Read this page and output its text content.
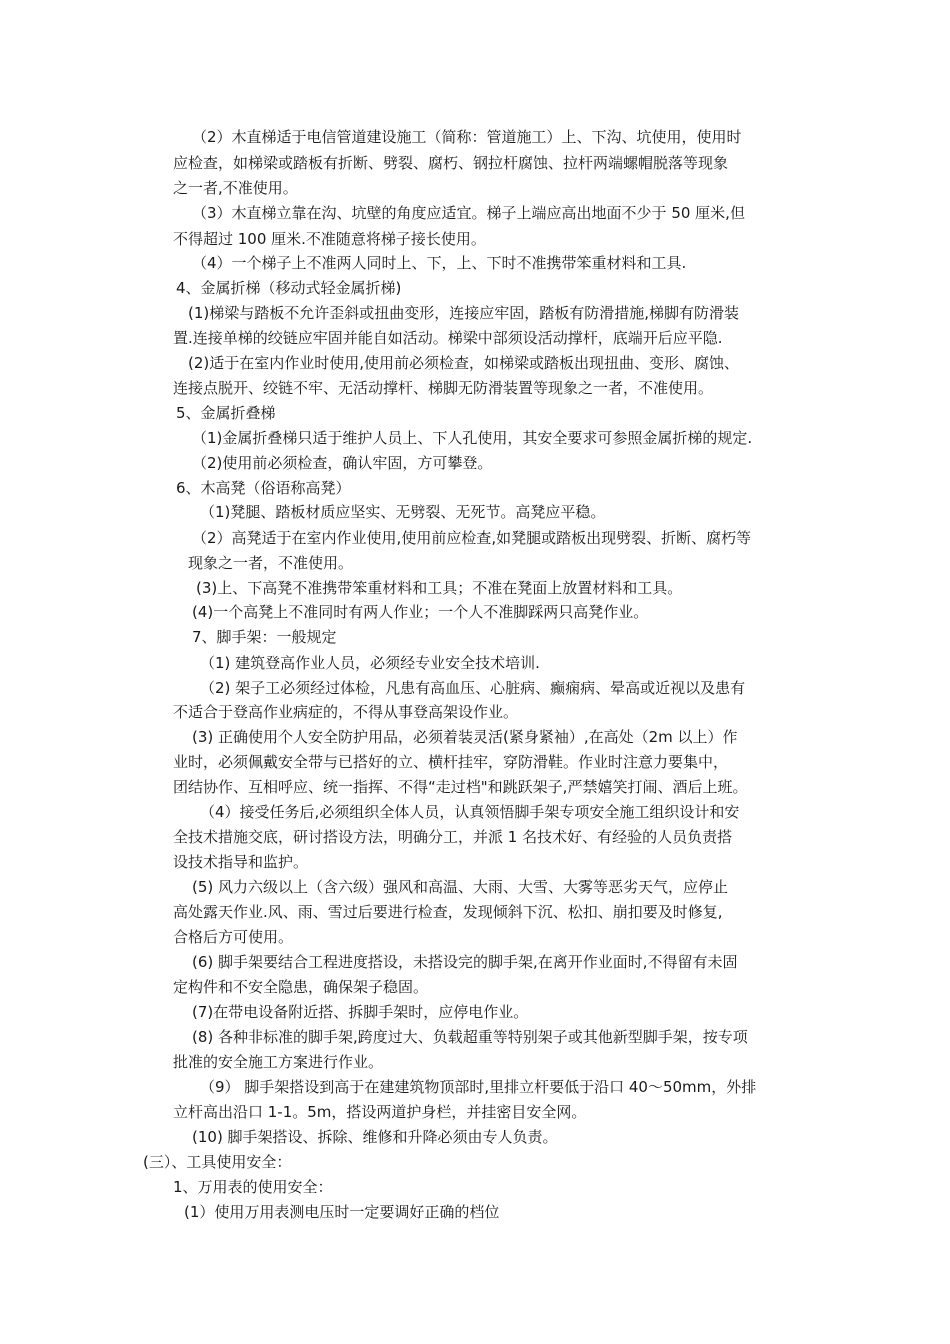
（2）木直梯适于电信管道建设施工（简称：管道施工）上、下沟、坑使用，使用时
应检查，如梯梁或踏板有折断、劈裂、腐朽、钢拉杆腐蚀、拉杆两端螺帽脱落等现象
之一者,不准使用。
（3）木直梯立靠在沟、坑壁的角度应适宜。梯子上端应高出地面不少于 50 厘米,但
不得超过 100 厘米.不准随意将梯子接长使用。
（4）一个梯子上不准两人同时上、下，上、下时不准携带笨重材料和工具.
4、金属折梯（移动式轻金属折梯)
(1)梯梁与踏板不允许歪斜或扭曲变形，连接应牢固，踏板有防滑措施,梯脚有防滑装
置.连接单梯的绞链应牢固并能自如活动。梯梁中部须设活动撑杆，底端开后应平隐.
(2)适于在室内作业时使用,使用前必须检查，如梯梁或踏板出现扭曲、变形、腐蚀、
连接点脱开、绞链不牢、无活动撑杆、梯脚无防滑装置等现象之一者，不准使用。
5、金属折叠梯
（1)金属折叠梯只适于维护人员上、下人孔使用，其安全要求可参照金属折梯的规定.
（2)使用前必须检查，确认牢固，方可攀登。
6、木高凳（俗语称高凳）
（1)凳腿、踏板材质应坚实、无劈裂、无死节。高凳应平稳。
（2）高凳适于在室内作业使用,使用前应检查,如凳腿或踏板出现劈裂、折断、腐朽等
现象之一者，不准使用。
(3)上、下高凳不准携带笨重材料和工具；不准在凳面上放置材料和工具。
(4)一个高凳上不准同时有两人作业；一个人不准脚踩两只高凳作业。
7、脚手架：一般规定
（1) 建筑登高作业人员，必须经专业安全技术培训.
（2) 架子工必须经过体检，凡患有高血压、心脏病、癫痫病、晕高或近视以及患有
不适合于登高作业病症的，不得从事登高架设作业。
(3) 正确使用个人安全防护用品，必须着装灵活(紧身紧袖）,在高处（2m 以上）作
业时，必须佩戴安全带与已搭好的立、横杆挂牢，穿防滑鞋。作业时注意力要集中，
团结协作、互相呼应、统一指挥、不得“走过档"和跳跃架子,严禁嬉笑打闹、酒后上班。
（4）接受任务后,必须组织全体人员，认真领悟脚手架专项安全施工组织设计和安
全技术措施交底，研讨搭设方法，明确分工，并派 1 名技术好、有经验的人员负责搭
设技术指导和监护。
(5) 风力六级以上（含六级）强风和高温、大雨、大雪、大雾等恶劣天气，应停止
高处露天作业.风、雨、雪过后要进行检查，发现倾斜下沉、松扣、崩扣要及时修复,
合格后方可使用。
(6) 脚手架要结合工程进度搭设，未搭设完的脚手架,在离开作业面时,不得留有未固
定构件和不安全隐患，确保架子稳固。
(7)在带电设备附近搭、拆脚手架时，应停电作业。
(8) 各种非标准的脚手架,跨度过大、负载超重等特别架子或其他新型脚手架，按专项
批准的安全施工方案进行作业。
（9） 脚手架搭设到高于在建建筑物顶部时,里排立杆要低于沿口 40～50mm，外排
立杆高出沿口 1-1。5m，搭设两道护身栏，并挂密目安全网。
(10) 脚手架搭设、拆除、维修和升降必须由专人负责。
(三）、工具使用安全：
1、万用表的使用安全：
(1）使用万用表测电压时一定要调好正确的档位
